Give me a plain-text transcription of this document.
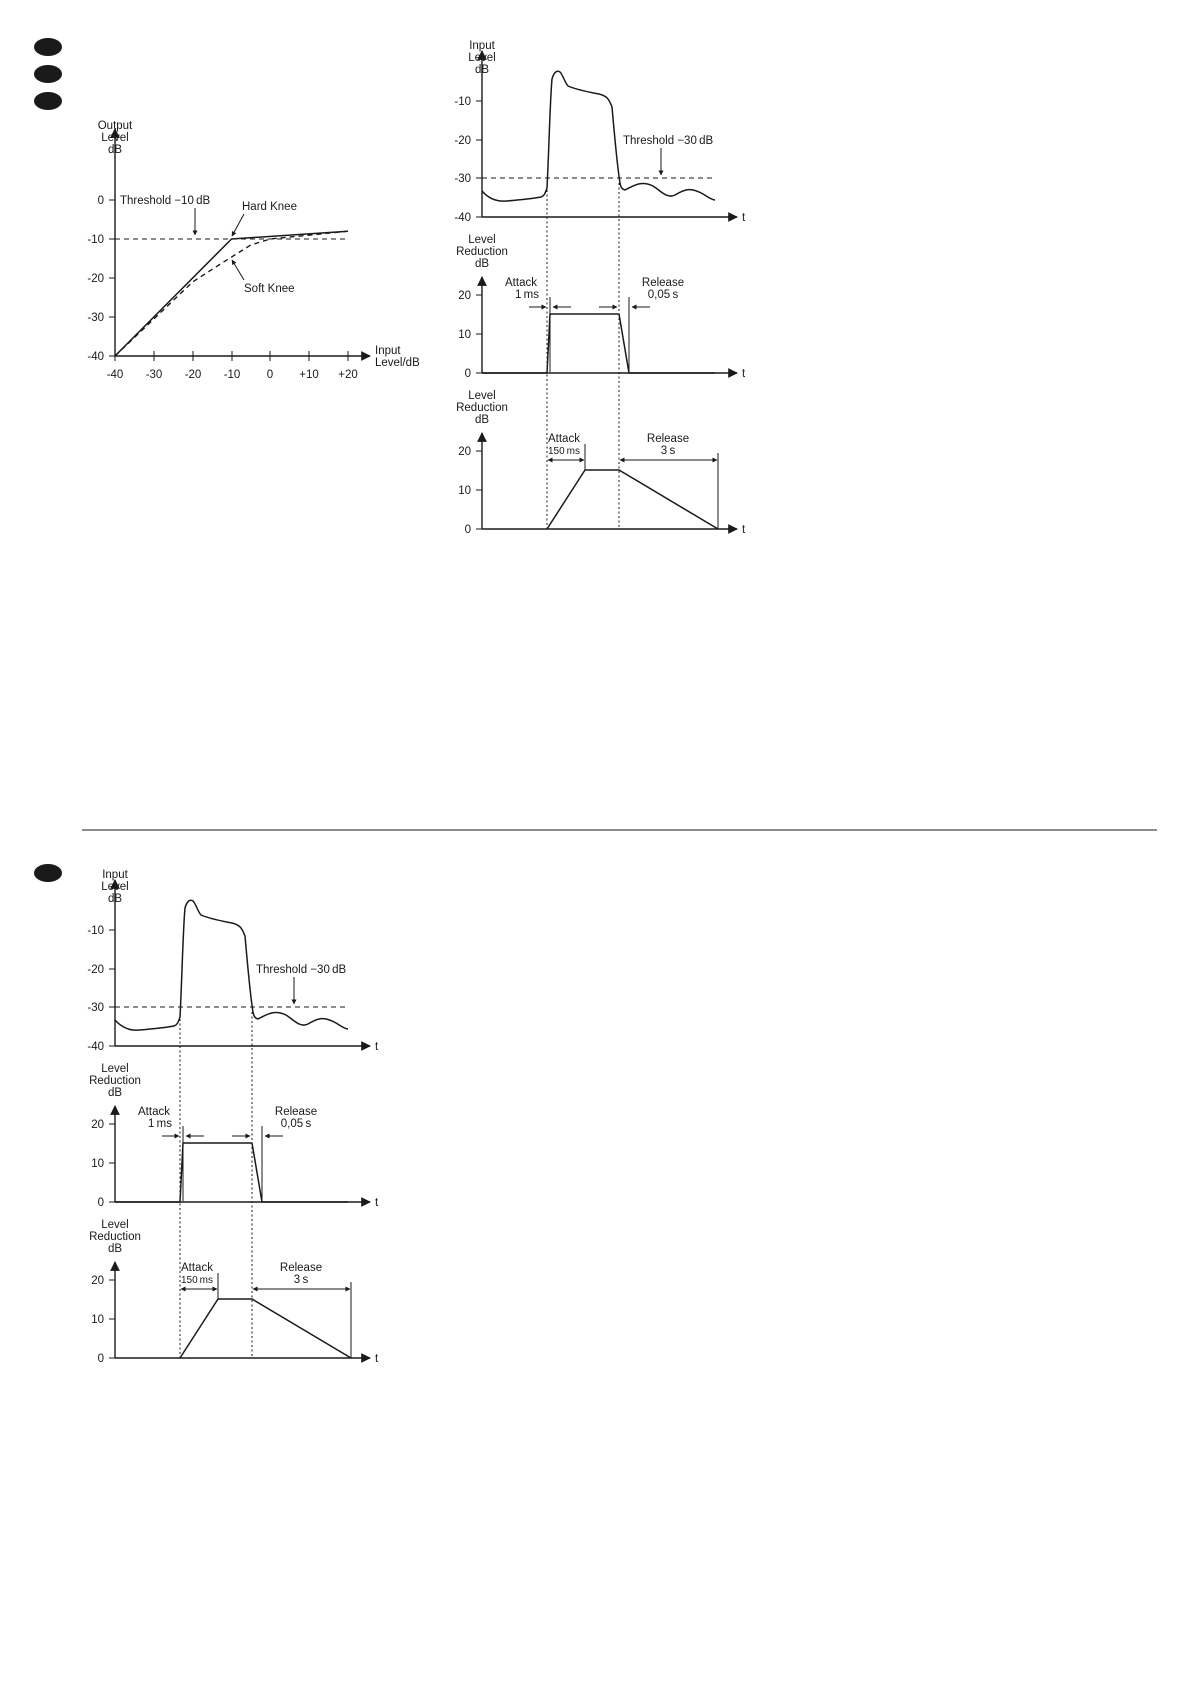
Output
Level
dB
Input
Level/dB
-40 -30 -20 -10 0 +10 +20
-40
-30
-20
-10
0 Threshold −10 dB	Hard Knee
Soft Knee
Input
Level
dB
-10
-20
-30
-40	t
Threshold −30 dB
Level
Reduction
dB
20
10
0	t
Attack
1 ms
Release
0,05 s
Level
Reduction
dB
20
10
0	t
Attack
150 ms
Release
3 s
